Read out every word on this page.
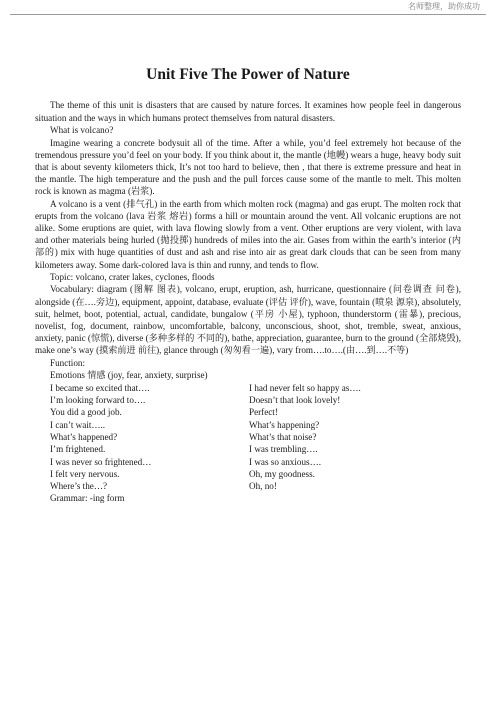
名师整理，助你成功
Unit Five The Power of Nature

The theme of this unit is disasters that are caused by nature forces. It examines how people feel in dangerous situation and the ways in which humans protect themselves from natural disasters.

What is volcano?

Imagine wearing a concrete bodysuit all of the time. After a while, you’d feel extremely hot because of the tremendous pressure you’d feel on your body. If you think about it, the mantle (地幔) wears a huge, heavy body suit that is about seventy kilometers thick, It’s not too hard to believe, then , that there is extreme pressure and heat in the mantle. The high temperature and the push and the pull forces cause some of the mantle to melt. This molten rock is known as magma (岩浆).

A volcano is a vent (排气孔) in the earth from which molten rock (magma) and gas erupt. The molten rock that erupts from the volcano (lava 岩浆 熔岩) forms a hill or mountain around the vent. All volcanic eruptions are not alike. Some eruptions are quiet, with lava flowing slowly from a vent. Other eruptions are very violent, with lava and other materials being hurled (抛投掷) hundreds of miles into the air. Gases from within the earth’s interior (内部的) mix with huge quantities of dust and ash and rise into air as great dark clouds that can be seen from many kilometers away. Some dark-colored lava is thin and runny, and tends to flow.

Topic: volcano, crater lakes, cyclones, floods

Vocabulary: diagram (图解 图表), volcano, erupt, eruption, ash, hurricane, questionnaire (问卷调查 问卷), alongside (在….旁边), equipment, appoint, database, evaluate (评估 评价), wave, fountain (喷泉 源泉), absolutely, suit, helmet, boot, potential, actual, candidate, bungalow (平房 小屋), typhoon, thunderstorm (雷暴), precious, novelist, fog, document, rainbow, uncomfortable, balcony, unconscious, shoot, shot, tremble, sweat, anxious, anxiety, panic (惊慌), diverse (多种多样的 不同的), bathe, appreciation, guarantee, burn to the ground (全部烧毁), make one’s way (摸索前进 前往), glance through (匆匆看一遍), vary from….to….(由….到….不等)

Function:

Emotions 情感 (joy, fear, anxiety, surprise)

I became so excited that….	I had never felt so happy as….
I’m looking forward to….	Doesn’t that look lovely!
You did a good job.	Perfect!
I can’t wait…..	What’s happening?
What’s happened?	What’s that noise?
I’m frightened.	I was trembling….
I was never so frightened…	I was so anxious….
I felt very nervous.	Oh, my goodness.
Where’s the…?	Oh, no!

Grammar: -ing form
